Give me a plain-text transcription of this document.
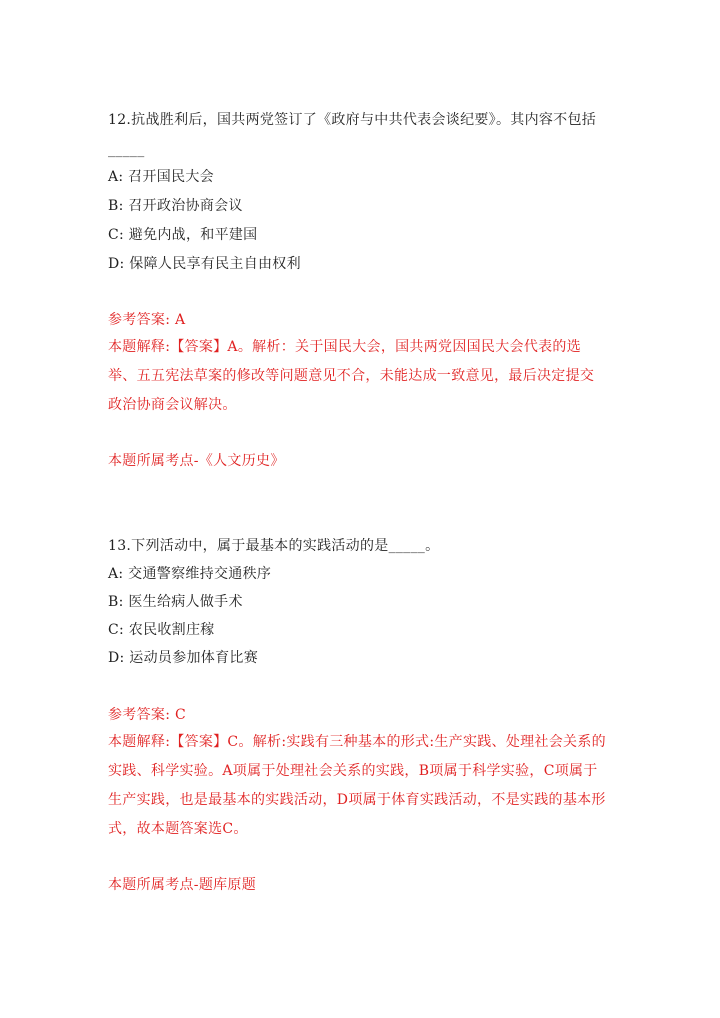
12.抗战胜利后，国共两党签订了《政府与中共代表会谈纪要》。其内容不包括
_____
A: 召开国民大会
B: 召开政治协商会议
C: 避免内战，和平建国
D: 保障人民享有民主自由权利
参考答案: A
本题解释:【答案】A。解析：关于国民大会，国共两党因国民大会代表的选举、五五宪法草案的修改等问题意见不合，未能达成一致意见，最后决定提交政治协商会议解决。
本题所属考点-《人文历史》
13.下列活动中，属于最基本的实践活动的是_____。
A: 交通警察维持交通秩序
B: 医生给病人做手术
C: 农民收割庄稼
D: 运动员参加体育比赛
参考答案: C
本题解释:【答案】C。解析:实践有三种基本的形式:生产实践、处理社会关系的实践、科学实验。A项属于处理社会关系的实践，B项属于科学实验，C项属于生产实践，也是最基本的实践活动，D项属于体育实践活动，不是实践的基本形式，故本题答案选C。
本题所属考点-题库原题
